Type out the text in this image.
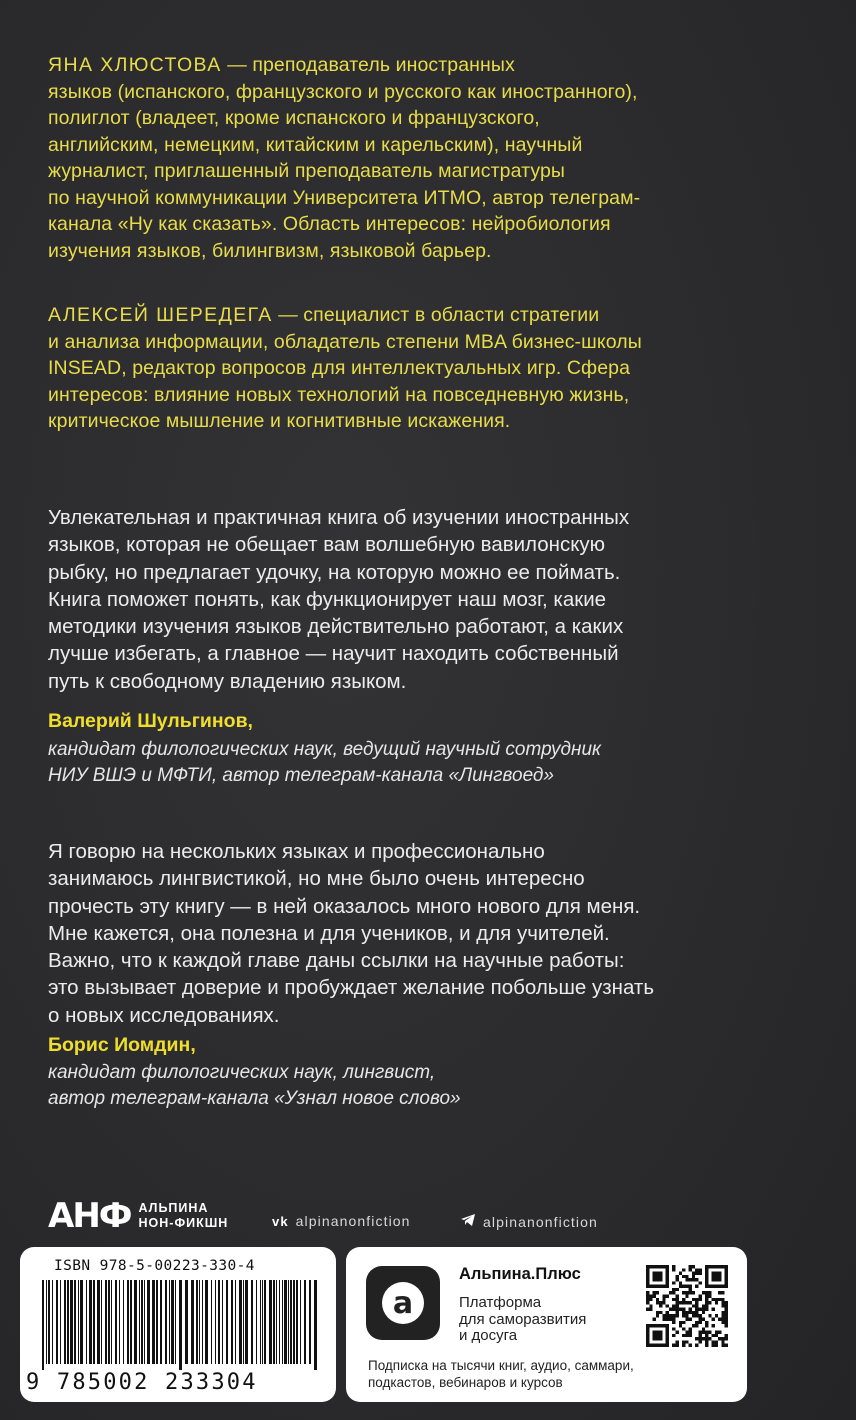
ЯНА ХЛЮСТОВА — преподаватель иностранных
языков (испанского, французского и русского как иностранного),
полиглот (владеет, кроме испанского и французского,
английским, немецким, китайским и карельским), научный
журналист, приглашенный преподаватель магистратуры
по научной коммуникации Университета ИТМО, автор телеграм-
канала «Ну как сказать». Область интересов: нейробиология
изучения языков, билингвизм, языковой барьер.
АЛЕКСЕЙ ШЕРЕДЕГА — специалист в области стратегии
и анализа информации, обладатель степени MBA бизнес-школы
INSEAD, редактор вопросов для интеллектуальных игр. Сфера
интересов: влияние новых технологий на повседневную жизнь,
критическое мышление и когнитивные искажения.
Увлекательная и практичная книга об изучении иностранных
языков, которая не обещает вам волшебную вавилонскую
рыбку, но предлагает удочку, на которую можно ее поймать.
Книга поможет понять, как функционирует наш мозг, какие
методики изучения языков действительно работают, а каких
лучше избегать, а главное — научит находить собственный
путь к свободному владению языком.
Валерий Шульгинов,
кандидат филологических наук, ведущий научный сотрудник
НИУ ВШЭ и МФТИ, автор телеграм-канала «Лингвоед»
Я говорю на нескольких языках и профессионально
занимаюсь лингвистикой, но мне было очень интересно
прочесть эту книгу — в ней оказалось много нового для меня.
Мне кажется, она полезна и для учеников, и для учителей.
Важно, что к каждой главе даны ссылки на научные работы:
это вызывает доверие и пробуждает желание побольше узнать
о новых исследованиях.
Борис Иомдин,
кандидат филологических наук, лингвист,
автор телеграм-канала «Узнал новое слово»
АНФ АЛЬПИНА
НОН-ФИКШН	vk alpinanonfiction	alpinanonfiction
ISBN 978-5-00223-330-4
9 785002 233304
a
Альпина.Плюс
Платформа
для саморазвития
и досуга
Подписка на тысячи книг, аудио, саммари,
подкастов, вебинаров и курсов
